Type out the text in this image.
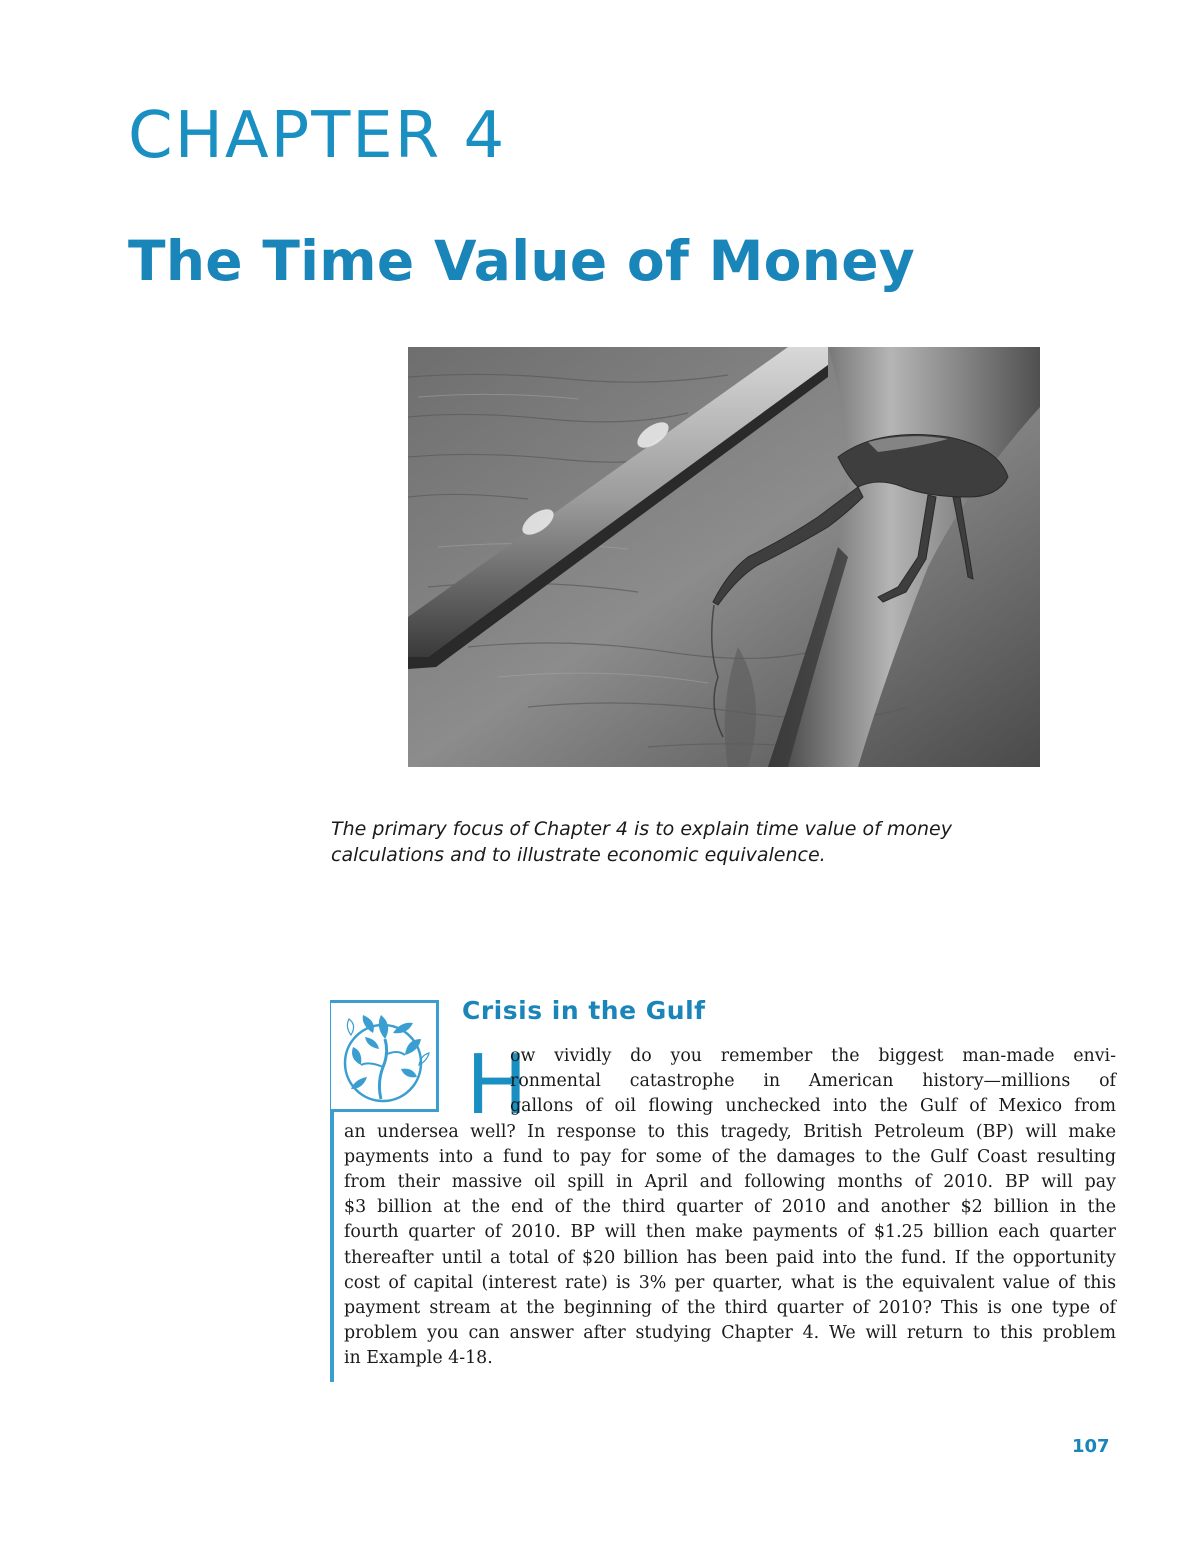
CHAPTER 4
The Time Value of Money

The primary focus of Chapter 4 is to explain time value of money calculations and to illustrate economic equivalence.

Crisis in the Gulf
H
ow vividly do you remember the biggest man-made envi-
ronmental catastrophe in American history—millions of
gallons of oil flowing unchecked into the Gulf of Mexico from
an undersea well? In response to this tragedy, British Petroleum (BP) will make
payments into a fund to pay for some of the damages to the Gulf Coast resulting
from their massive oil spill in April and following months of 2010. BP will pay
$3 billion at the end of the third quarter of 2010 and another $2 billion in the
fourth quarter of 2010. BP will then make payments of $1.25 billion each quarter
thereafter until a total of $20 billion has been paid into the fund. If the opportunity
cost of capital (interest rate) is 3% per quarter, what is the equivalent value of this
payment stream at the beginning of the third quarter of 2010? This is one type of
problem you can answer after studying Chapter 4. We will return to this problem
in Example 4-18.
107
